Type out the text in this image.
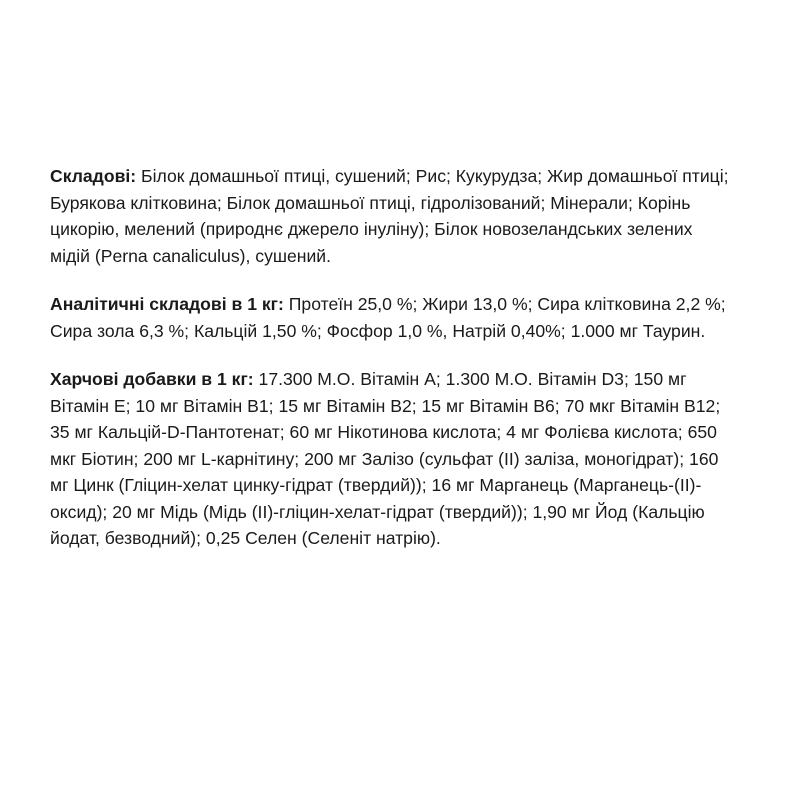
Складові: Білок домашньої птиці, сушений; Рис; Кукурудза; Жир домашньої птиці; Бурякова клітковина; Білок домашньої птиці, гідролізований; Мінерали; Корінь цикорію, мелений (природнє джерело інуліну); Білок новозеландських зелених мідій (Perna canaliculus), сушений.

Аналітичні складові в 1 кг: Протеїн 25,0 %; Жири 13,0 %; Сира клітковина 2,2 %; Сира зола 6,3 %; Кальцій 1,50 %; Фосфор 1,0 %, Натрій 0,40%; 1.000 мг Таурин.

Харчові добавки в 1 кг: 17.300 М.О. Вітамін А; 1.300 М.О. Вітамін D3; 150 мг Вітамін Е; 10 мг Вітамін В1; 15 мг Вітамін В2; 15 мг Вітамін В6; 70 мкг Вітамін В12; 35 мг Кальцій-D-Пантотенат; 60 мг Нікотинова кислота; 4 мг Фолієва кислота; 650 мкг Біотин; 200 мг L-карнітину; 200 мг Залізо (сульфат (II) заліза, моногідрат); 160 мг Цинк (Гліцин-хелат цинку-гідрат (твердий)); 16 мг Марганець (Марганець-(II)-оксид); 20 мг Мідь (Мідь (II)-гліцин-хелат-гідрат (твердий)); 1,90 мг Йод (Кальцію йодат, безводний); 0,25 Селен (Селеніт натрію).
